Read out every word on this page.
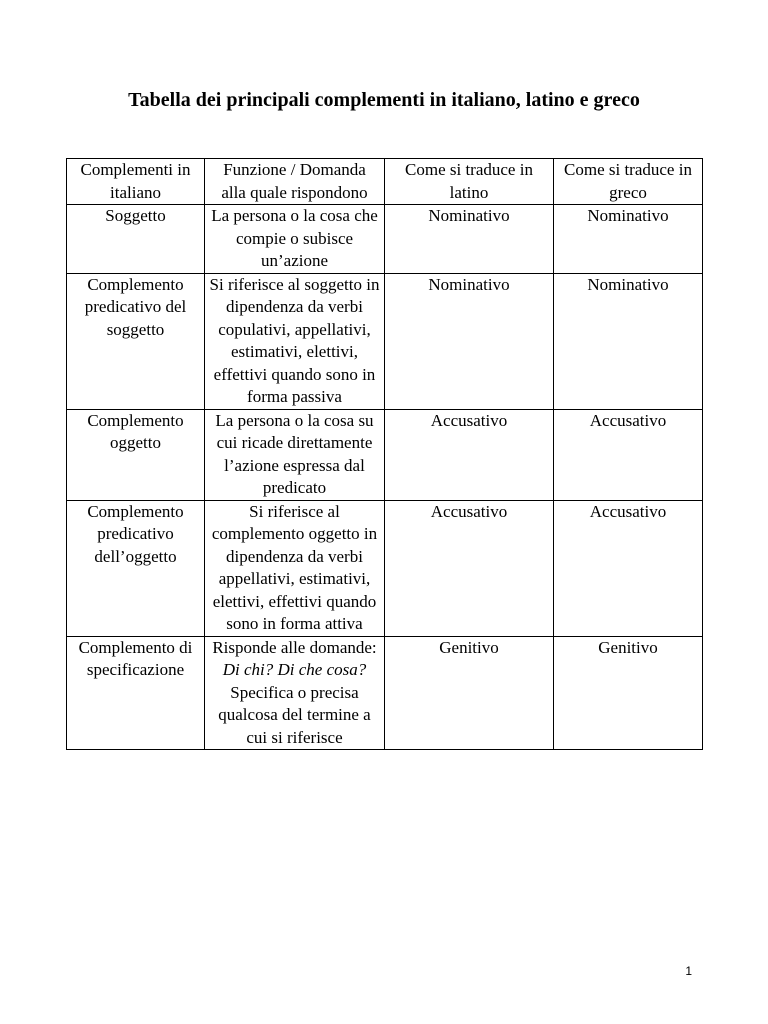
Tabella dei principali complementi in italiano, latino e greco
Complementi in italiano	Funzione / Domanda alla quale rispondono	Come si traduce in latino	Come si traduce in greco
Soggetto	La persona o la cosa che compie o subisce un’azione	Nominativo	Nominativo
Complemento predicativo del soggetto	Si riferisce al soggetto in dipendenza da verbi copulativi, appellativi, estimativi, elettivi, effettivi quando sono in forma passiva	Nominativo	Nominativo
Complemento oggetto	La persona o la cosa su cui ricade direttamente l’azione espressa dal predicato	Accusativo	Accusativo
Complemento predicativo dell’oggetto	Si riferisce al complemento oggetto in dipendenza da verbi appellativi, estimativi, elettivi, effettivi quando sono in forma attiva	Accusativo	Accusativo
Complemento di specificazione	Risponde alle domande: Di chi? Di che cosa? Specifica o precisa qualcosa del termine a cui si riferisce	Genitivo	Genitivo
1
